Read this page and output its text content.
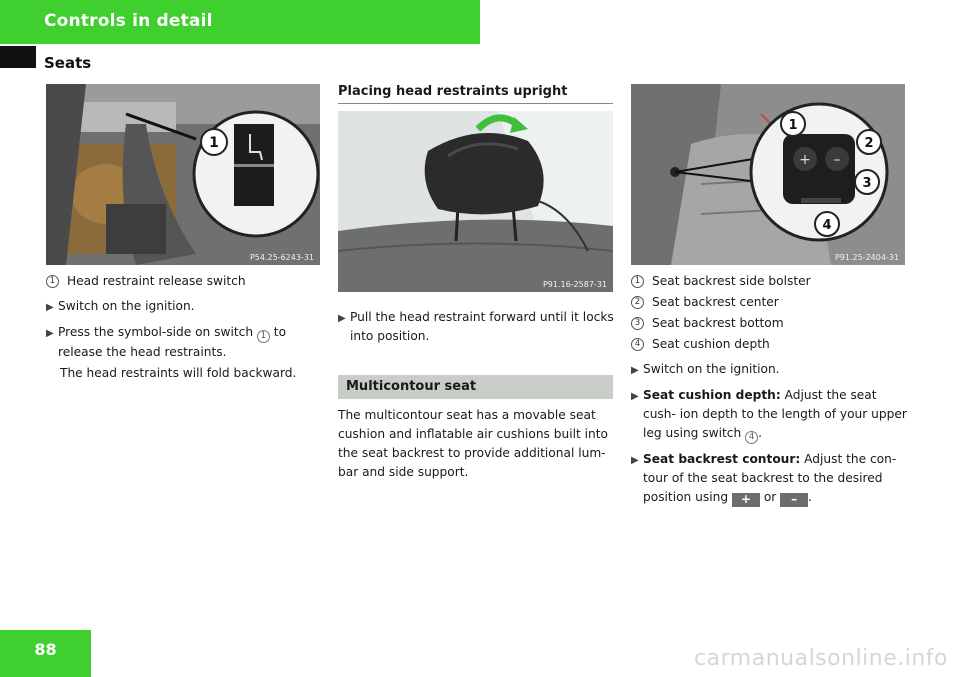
Controls in detail
Seats
1
P54.25-6243-31
1 Head restraint release switch
▶ Switch on the ignition.
▶ Press the symbol-side on switch 1 to release the head restraints.
The head restraints will fold backward.
Placing head restraints upright
P91.16-2587-31
▶ Pull the head restraint forward until it locks into position.
Multicontour seat
The multicontour seat has a movable seat cushion and inflatable air cushions built into the seat backrest to provide additional lum- bar and side support.
+ –
1
2
3
4
P91.25-2404-31
1 Seat backrest side bolster
2 Seat backrest center
3 Seat backrest bottom
4 Seat cushion depth
▶ Switch on the ignition.
▶ Seat cushion depth: Adjust the seat cush- ion depth to the length of your upper leg using switch 4 .
▶ Seat backrest contour: Adjust the con- tour of the seat backrest to the desired position using + or – .
88	carmanualsonline.info
